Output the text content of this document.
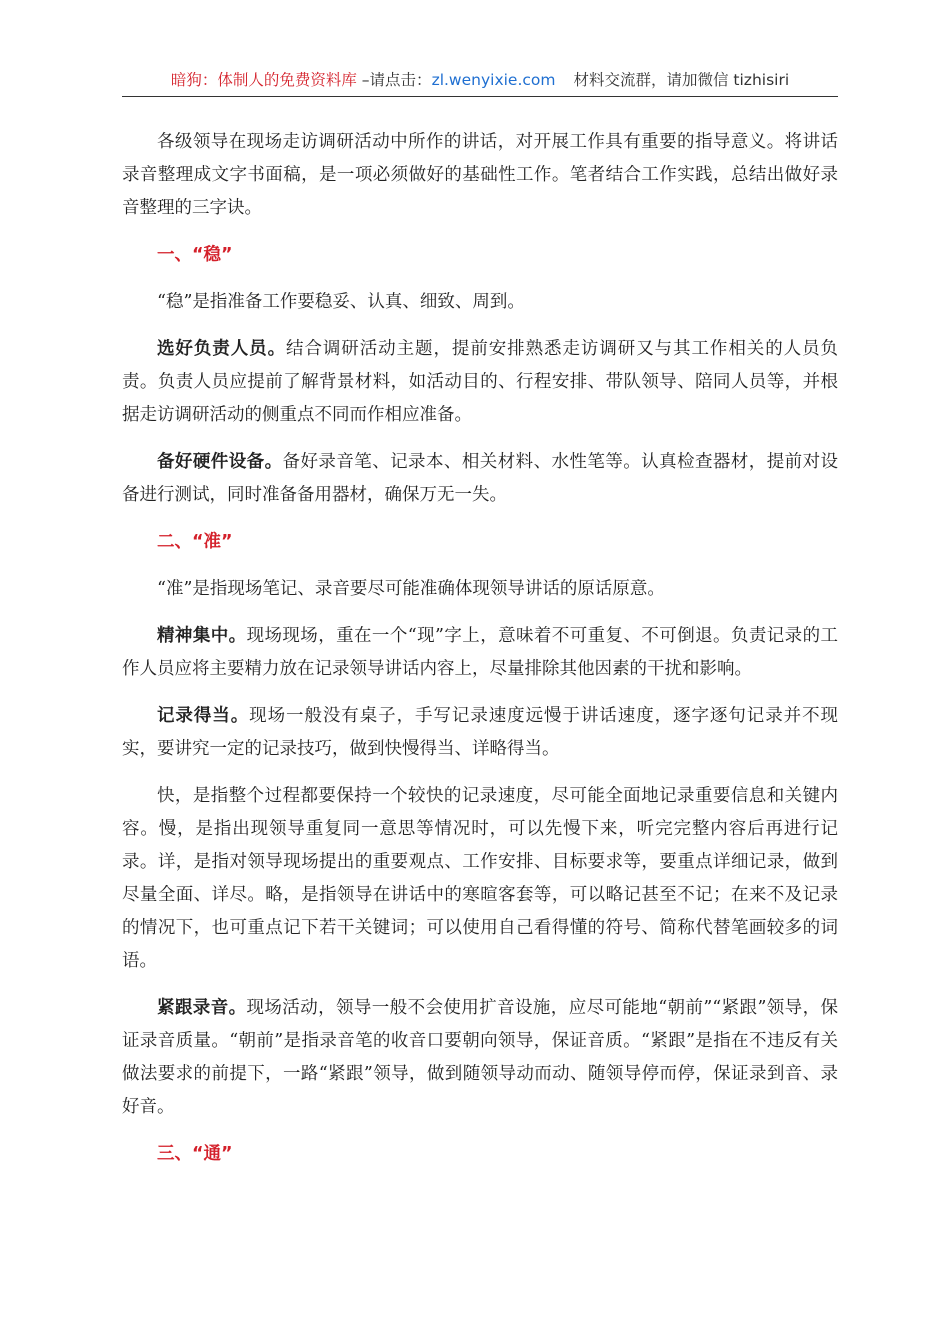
暗狗：体制人的免费资料库 –请点击：zl.wenyixie.com 材料交流群，请加微信 tizhisiri

各级领导在现场走访调研活动中所作的讲话，对开展工作具有重要的指导意义。将讲话录音整理成文字书面稿，是一项必须做好的基础性工作。笔者结合工作实践，总结出做好录音整理的三字诀。

一、“稳”

“稳”是指准备工作要稳妥、认真、细致、周到。

选好负责人员。结合调研活动主题，提前安排熟悉走访调研又与其工作相关的人员负责。负责人员应提前了解背景材料，如活动目的、行程安排、带队领导、陪同人员等，并根据走访调研活动的侧重点不同而作相应准备。

备好硬件设备。备好录音笔、记录本、相关材料、水性笔等。认真检查器材，提前对设备进行测试，同时准备备用器材，确保万无一失。

二、“准”

“准”是指现场笔记、录音要尽可能准确体现领导讲话的原话原意。

精神集中。现场现场，重在一个“现”字上，意味着不可重复、不可倒退。负责记录的工作人员应将主要精力放在记录领导讲话内容上，尽量排除其他因素的干扰和影响。

记录得当。现场一般没有桌子，手写记录速度远慢于讲话速度，逐字逐句记录并不现实，要讲究一定的记录技巧，做到快慢得当、详略得当。

快，是指整个过程都要保持一个较快的记录速度，尽可能全面地记录重要信息和关键内容。慢，是指出现领导重复同一意思等情况时，可以先慢下来，听完完整内容后再进行记录。详，是指对领导现场提出的重要观点、工作安排、目标要求等，要重点详细记录，做到尽量全面、详尽。略，是指领导在讲话中的寒暄客套等，可以略记甚至不记；在来不及记录的情况下，也可重点记下若干关键词；可以使用自己看得懂的符号、简称代替笔画较多的词语。

紧跟录音。现场活动，领导一般不会使用扩音设施，应尽可能地“朝前”“紧跟”领导，保证录音质量。“朝前”是指录音笔的收音口要朝向领导，保证音质。“紧跟”是指在不违反有关做法要求的前提下，一路“紧跟”领导，做到随领导动而动、随领导停而停，保证录到音、录好音。

三、“通”
